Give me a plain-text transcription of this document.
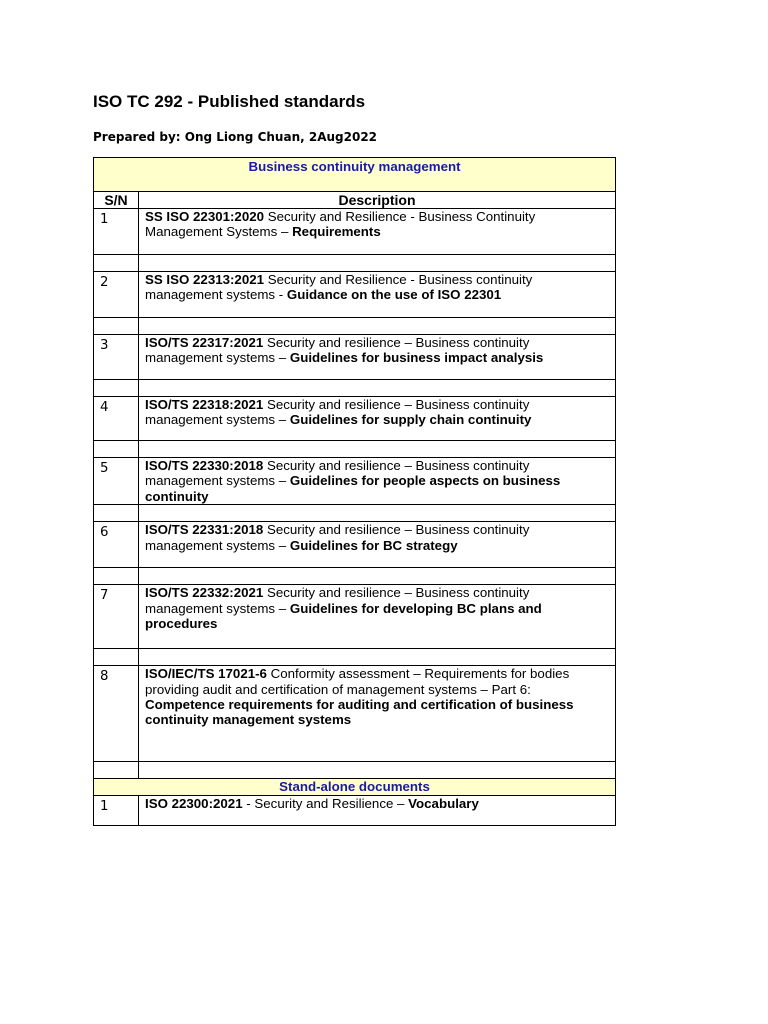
ISO TC 292 - Published standards

Prepared by: Ong Liong Chuan, 2Aug2022

Business continuity management	
S/N	Description
1	SS ISO 22301:2020 Security and Resilience - Business Continuity Management Systems – Requirements

2	SS ISO 22313:2021 Security and Resilience - Business continuity management systems - Guidance on the use of ISO 22301

3	ISO/TS 22317:2021 Security and resilience – Business continuity management systems – Guidelines for business impact analysis

4	ISO/TS 22318:2021 Security and resilience – Business continuity management systems – Guidelines for supply chain continuity

5	ISO/TS 22330:2018 Security and resilience – Business continuity management systems – Guidelines for people aspects on business continuity

6	ISO/TS 22331:2018 Security and resilience – Business continuity management systems – Guidelines for BC strategy

7	ISO/TS 22332:2021 Security and resilience – Business continuity management systems – Guidelines for developing BC plans and procedures

8	ISO/IEC/TS 17021-6 Conformity assessment – Requirements for bodies providing audit and certification of management systems – Part 6: Competence requirements for auditing and certification of business continuity management systems

Stand-alone documents	
1	ISO 22300:2021 - Security and Resilience – Vocabulary
